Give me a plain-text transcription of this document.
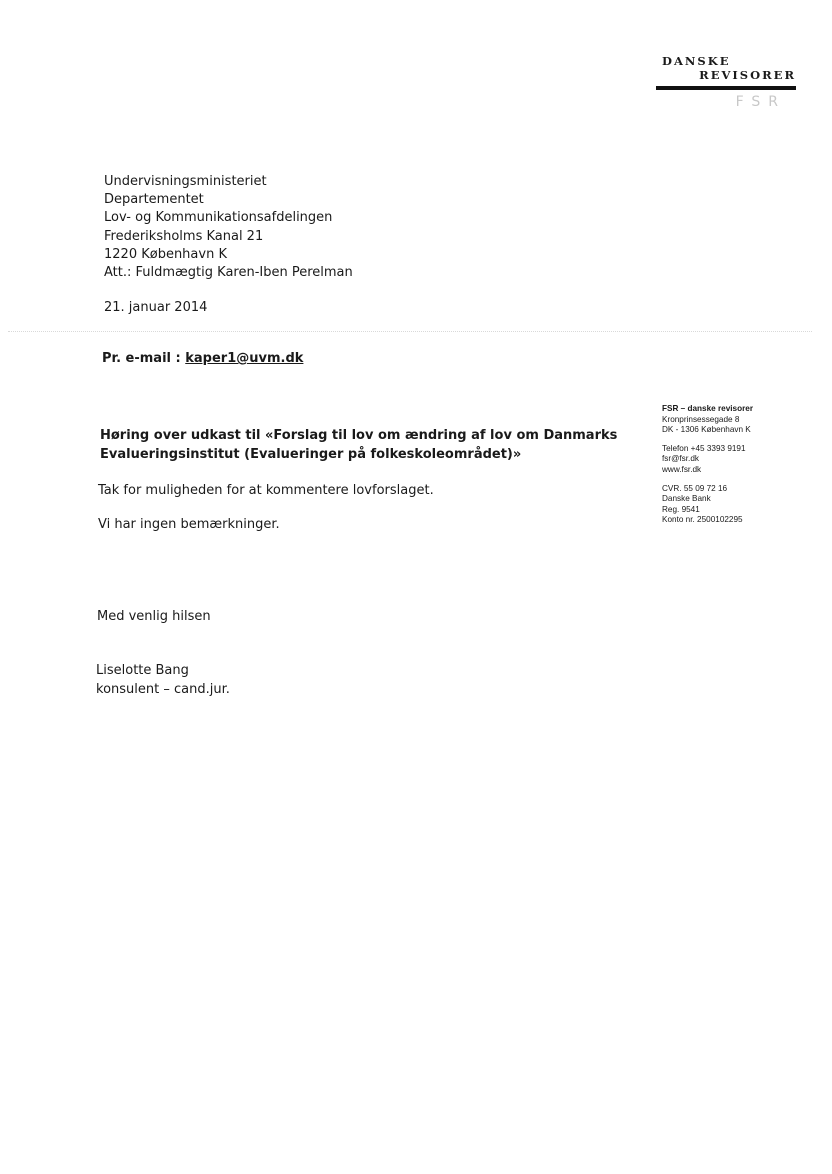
DANSKE
REVISORER
FSR
Undervisningsministeriet
Departementet
Lov- og Kommunikationsafdelingen
Frederiksholms Kanal 21
1220 København K
Att.: Fuldmægtig Karen-Iben Perelman
21. januar 2014
Pr. e-mail : kaper1@uvm.dk
FSR – danske revisorer
Kronprinsessegade 8
DK - 1306 København K
Telefon +45 3393 9191
fsr@fsr.dk
www.fsr.dk
CVR. 55 09 72 16
Danske Bank
Reg. 9541
Konto nr. 2500102295
Høring over udkast til «Forslag til lov om ændring af lov om Danmarks Evalueringsinstitut (Evalueringer på folkeskoleområdet)»
Tak for muligheden for at kommentere lovforslaget.
Vi har ingen bemærkninger.
Med venlig hilsen
Liselotte Bang
konsulent – cand.jur.
